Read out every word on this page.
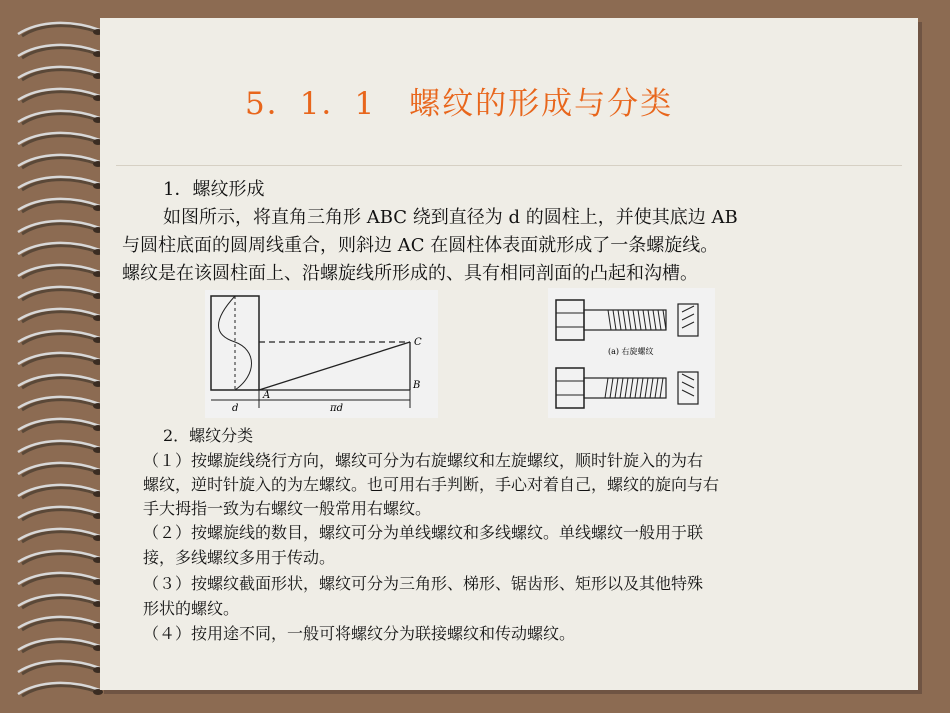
5．1．1　螺纹的形成与分类
1．螺纹形成
如图所示，将直角三角形 ABC 绕到直径为 d 的圆柱上，并使其底边 AB
与圆柱底面的圆周线重合，则斜边 AC 在圆柱体表面就形成了一条螺旋线。
螺纹是在该圆柱面上、沿螺旋线所形成的、具有相同剖面的凸起和沟槽。
C
B
A
d	πd
(a) 右旋螺纹
2．螺纹分类
（１）按螺旋线绕行方向，螺纹可分为右旋螺纹和左旋螺纹，顺时针旋入的为右
螺纹，逆时针旋入的为左螺纹。也可用右手判断，手心对着自己，螺纹的旋向与右
手大拇指一致为右螺纹一般常用右螺纹。
（２）按螺旋线的数目，螺纹可分为单线螺纹和多线螺纹。单线螺纹一般用于联
接，多线螺纹多用于传动。
（３）按螺纹截面形状，螺纹可分为三角形、梯形、锯齿形、矩形以及其他特殊
形状的螺纹。
（４）按用途不同，一般可将螺纹分为联接螺纹和传动螺纹。
